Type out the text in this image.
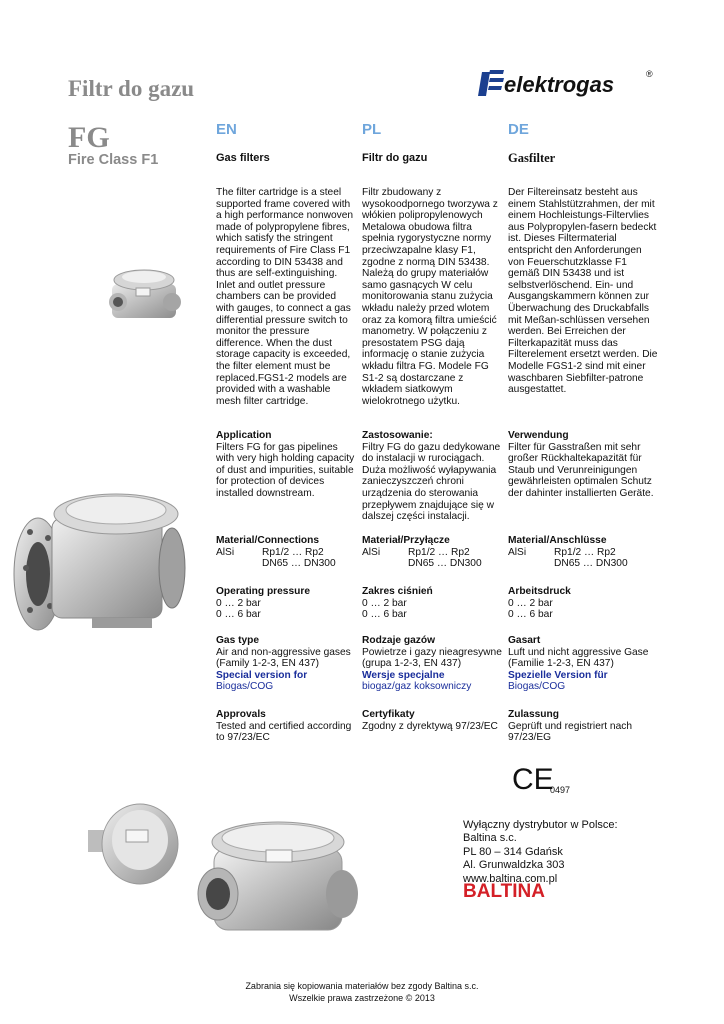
Filtr do gazu
FG
Fire Class F1
elektrogas	®
EN	PL	DE
Gas filters
The filter cartridge is a steel supported frame covered with a high performance nonwoven made of polypropylene fibres, which satisfy the stringent requirements of Fire Class F1 according to DIN 53438 and thus are self-extinguishing. Inlet and outlet pressure chambers can be provided with gauges, to connect a gas differential pressure switch to monitor the pressure difference. When the dust storage capacity is exceeded, the filter element must be replaced.FGS1-2 models are provided with a washable mesh filter cartridge.

Application

Filters FG for gas pipelines with very high holding capacity of dust and impurities, suitable for protection of devices installed downstream.

Material/Connections

AlSi	Rp1/2 … Rp2
DN65 … DN300

Operating pressure

0 … 2 bar

0 … 6 bar

Gas type

Air and non-aggressive gases (Family 1-2-3, EN 437)

Special version for

Biogas/COG

Approvals

Tested and certified according to 97/23/EC

Filtr do gazu
Filtr zbudowany z wysokoodpornego tworzywa z włókien polipropylenowych Metalowa obudowa filtra spełnia rygorystyczne normy przeciwzapalne klasy F1, zgodne z normą DIN 53438. Należą do grupy materiałów samo gasnących W celu monitorowania stanu zużycia wkładu należy przed wlotem oraz za komorą filtra umieścić manometry. W połączeniu z presostatem PSG dają informację o stanie zużycia wkładu filtra FG. Modele FG S1-2 są dostarczane z wkładem siatkowym wielokrotnego użytku.

Zastosowanie:

Filtry FG do gazu dedykowane do instalacji w rurociągach. Duża możliwość wyłapywania zanieczyszczeń chroni urządzenia do sterowania przepływem znajdujące się w dalszej części instalacji.

Materiał/Przyłącze

AlSi	Rp1/2 … Rp2
DN65 … DN300

Zakres ciśnień

0 … 2 bar

0 … 6 bar

Rodzaje gazów

Powietrze i gazy nieagresywne (grupa 1-2-3, EN 437)

Wersje specjalne

biogaz/gaz koksowniczy

Certyfikaty

Zgodny z dyrektywą 97/23/EC

Gasfilter
Der Filtereinsatz besteht aus einem Stahlstützrahmen, der mit einem Hochleistungs-Filtervlies aus Polypropylen-fasern bedeckt ist. Dieses Filtermaterial entspricht den Anforderungen von Feuerschutzklasse F1 gemäß DIN 53438 und ist selbstverlöschend. Ein- und Ausgangskammern können zur Überwachung des Druckabfalls mit Meßan-schlüssen versehen werden. Bei Erreichen der Filterkapazität muss das Filterelement ersetzt werden. Die Modelle FGS1-2 sind mit einer waschbaren Siebfilter-patrone ausgestattet.

Verwendung

Filter für Gasstraßen mit sehr großer Rückhaltekapazität für Staub und Verunreinigungen gewährleisten optimalen Schutz der dahinter installierten Geräte.

Material/Anschlüsse

AlSi	Rp1/2 … Rp2
DN65 … DN300

Arbeitsdruck

0 … 2 bar

0 … 6 bar

Gasart

Luft und nicht aggressive Gase (Familie 1-2-3, EN 437)

Spezielle Version für

Biogas/COG

Zulassung

Geprüft und registriert nach 97/23/EG

CE
0497
Wyłączny dystrybutor w Polsce:
Baltina s.c.
PL 80 – 314 Gdańsk
Al. Grunwaldzka 303
www.baltina.com.pl
BALTINA
Zabrania się kopiowania materiałów bez zgody Baltina s.c.
Wszelkie prawa zastrzeżone © 2013
